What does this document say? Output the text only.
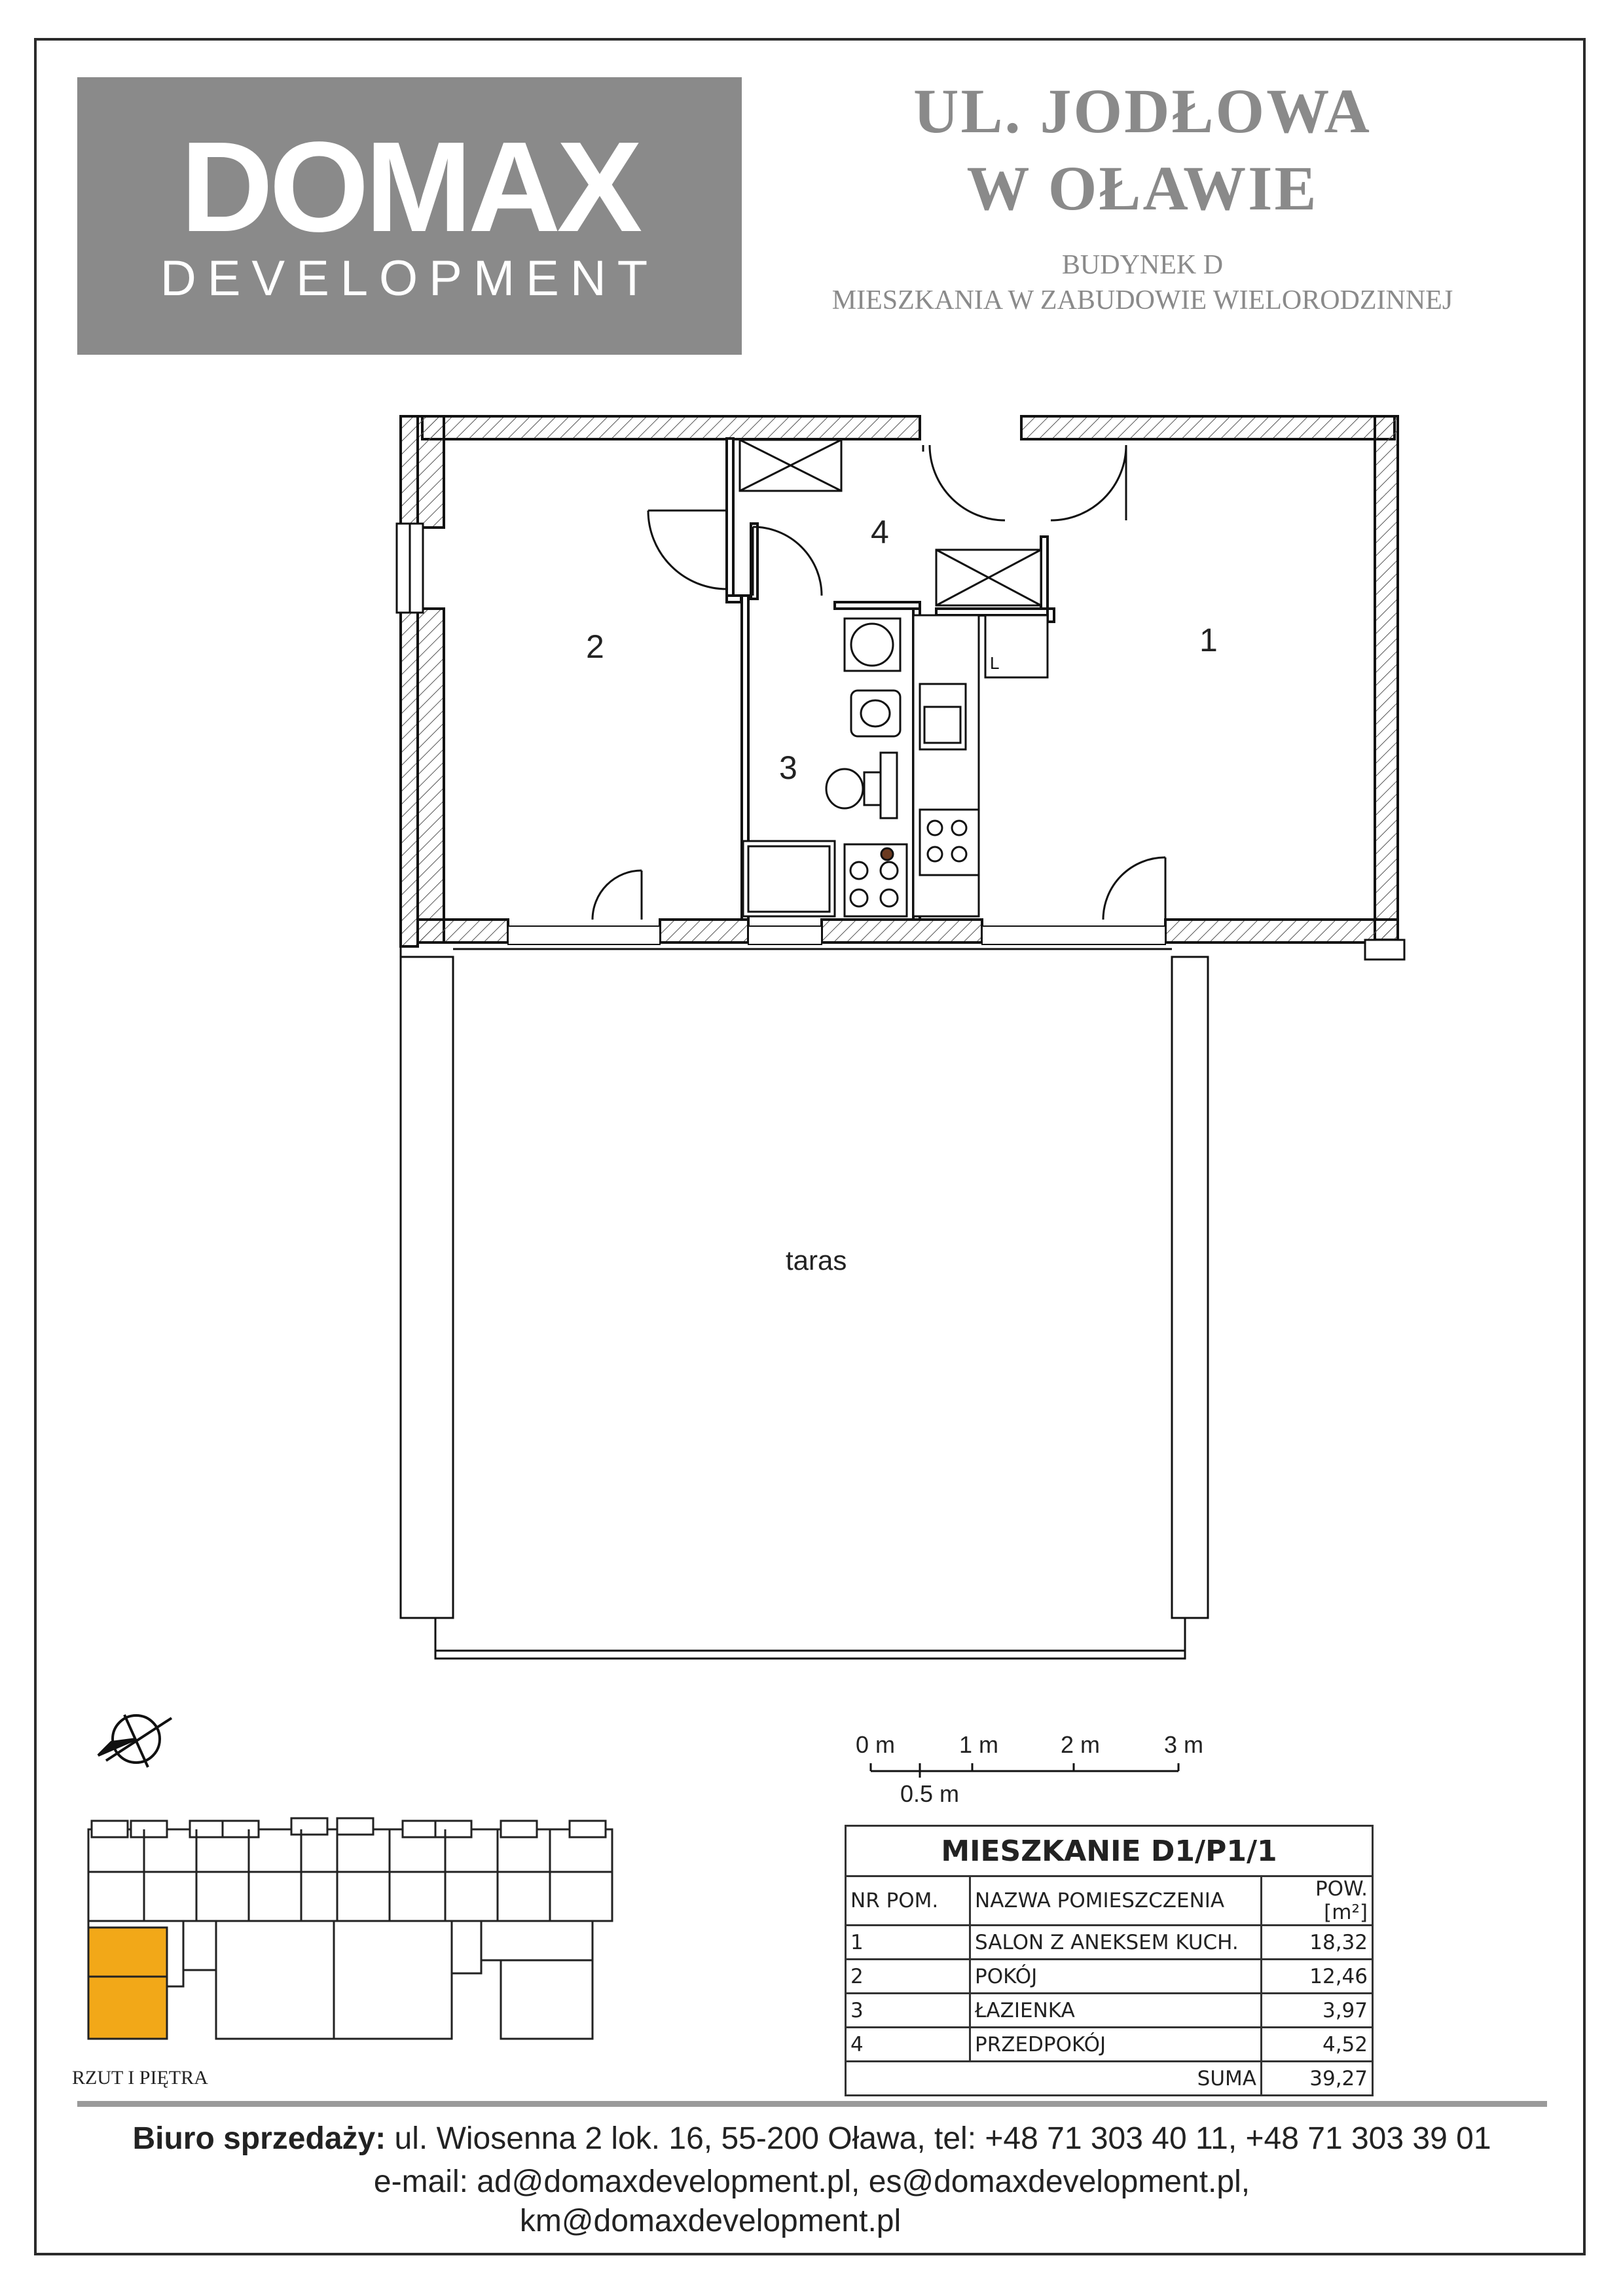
DOMAX
DEVELOPMENT
UL. JODŁOWA
W OŁAWIE
BUDYNEK D
MIESZKANIA W ZABUDOWIE WIELORODZINNEJ
L
1
2
3
4
taras
0 m	1 m	2 m	3 m
0.5 m
MIESZKANIE D1/P1/1		
NR POM.	NAZWA POMIESZCZENIA	POW. [m²]
1	SALON Z ANEKSEM KUCH.	18,32
2	POKÓJ	12,46
3	ŁAZIENKA	3,97
4	PRZEDPOKÓJ	4,52
SUMA		39,27
RZUT I PIĘTRA
Biuro sprzedaży: ul. Wiosenna 2 lok. 16, 55-200 Oława, tel: +48 71 303 40 11, +48 71 303 39 01
e-mail: ad@domaxdevelopment.pl, es@domaxdevelopment.pl,
km@domaxdevelopment.pl
